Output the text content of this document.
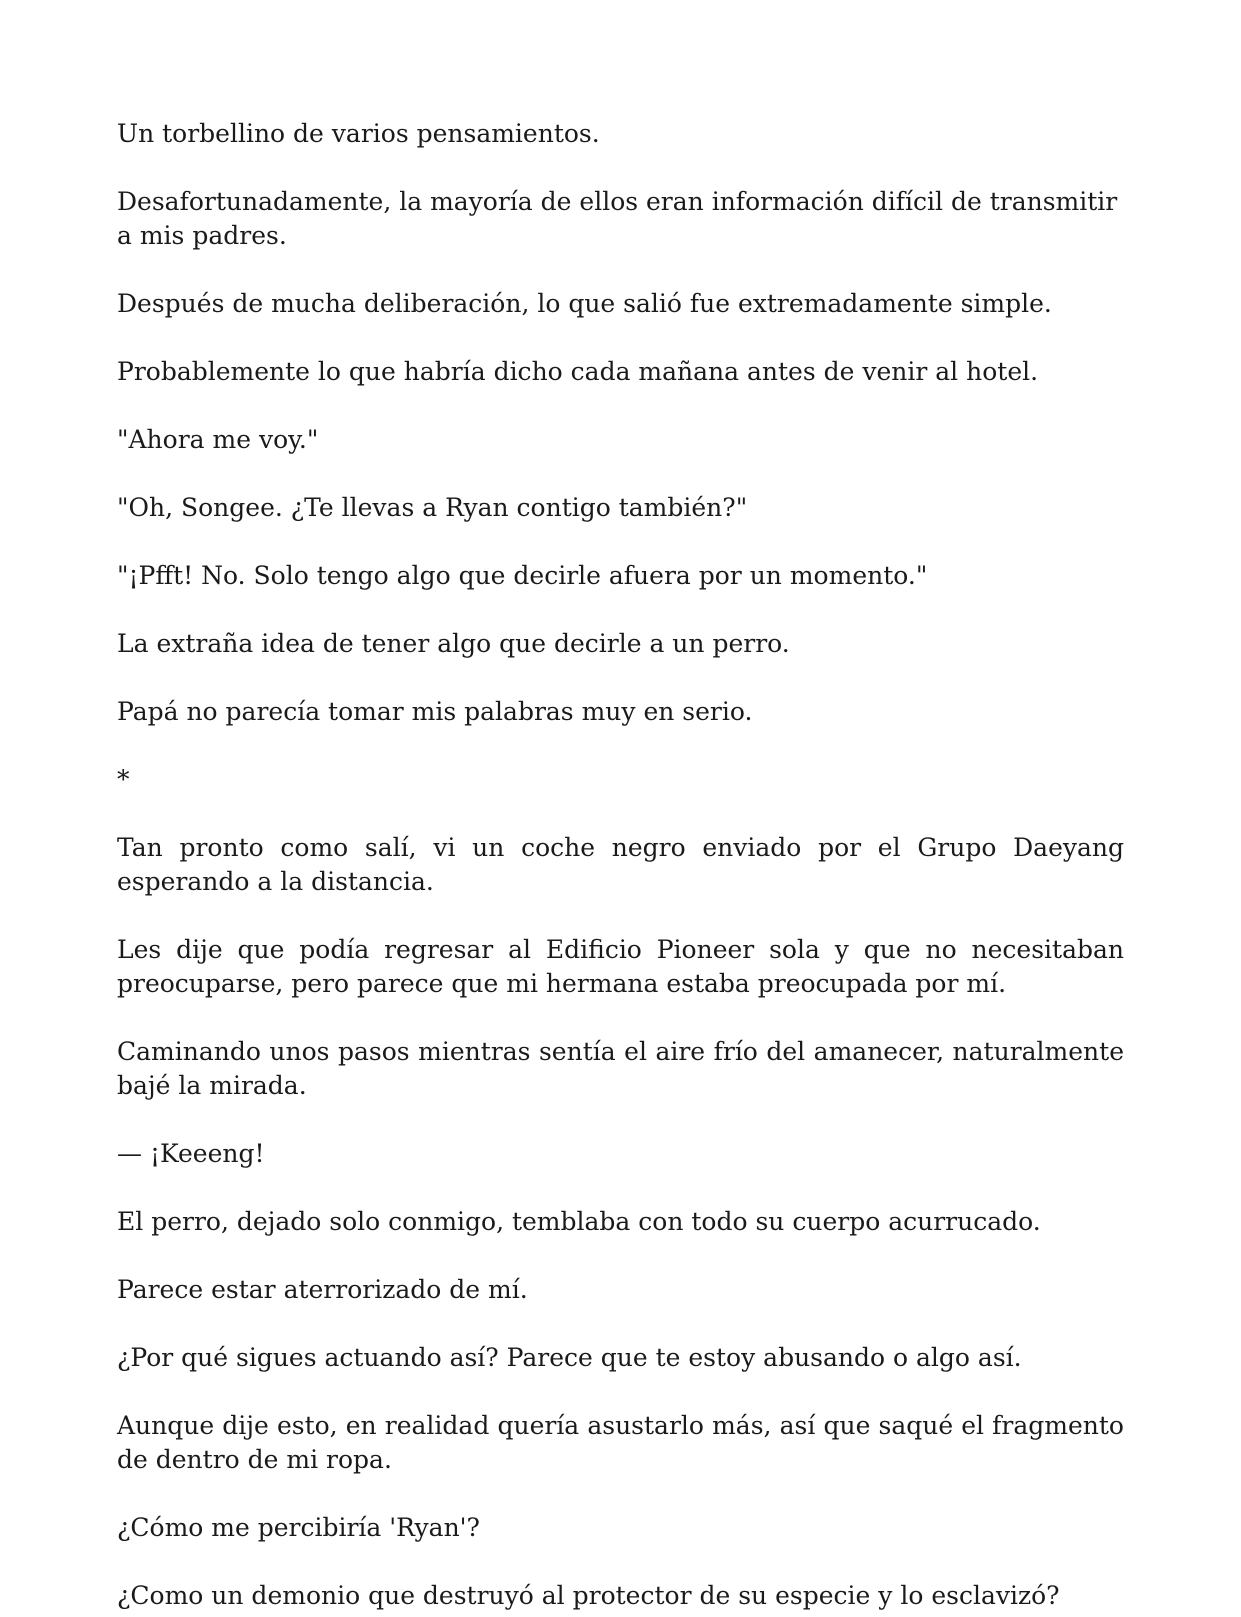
Un torbellino de varios pensamientos.

Desafortunadamente, la mayoría de ellos eran información difícil de transmitir a mis padres.

Después de mucha deliberación, lo que salió fue extremadamente simple.

Probablemente lo que habría dicho cada mañana antes de venir al hotel.

"Ahora me voy."

"Oh, Songee. ¿Te llevas a Ryan contigo también?"

"¡Pfft! No. Solo tengo algo que decirle afuera por un momento."

La extraña idea de tener algo que decirle a un perro.

Papá no parecía tomar mis palabras muy en serio.

*

Tan pronto como salí, vi un coche negro enviado por el Grupo Daeyang esperando a la distancia.

Les dije que podía regresar al Edificio Pioneer sola y que no necesitaban preocuparse, pero parece que mi hermana estaba preocupada por mí.

Caminando unos pasos mientras sentía el aire frío del amanecer, naturalmente bajé la mirada.

— ¡Keeeng!

El perro, dejado solo conmigo, temblaba con todo su cuerpo acurrucado.

Parece estar aterrorizado de mí.

¿Por qué sigues actuando así? Parece que te estoy abusando o algo así.

Aunque dije esto, en realidad quería asustarlo más, así que saqué el fragmento de dentro de mi ropa.

¿Cómo me percibiría 'Ryan'?

¿Como un demonio que destruyó al protector de su especie y lo esclavizó?
